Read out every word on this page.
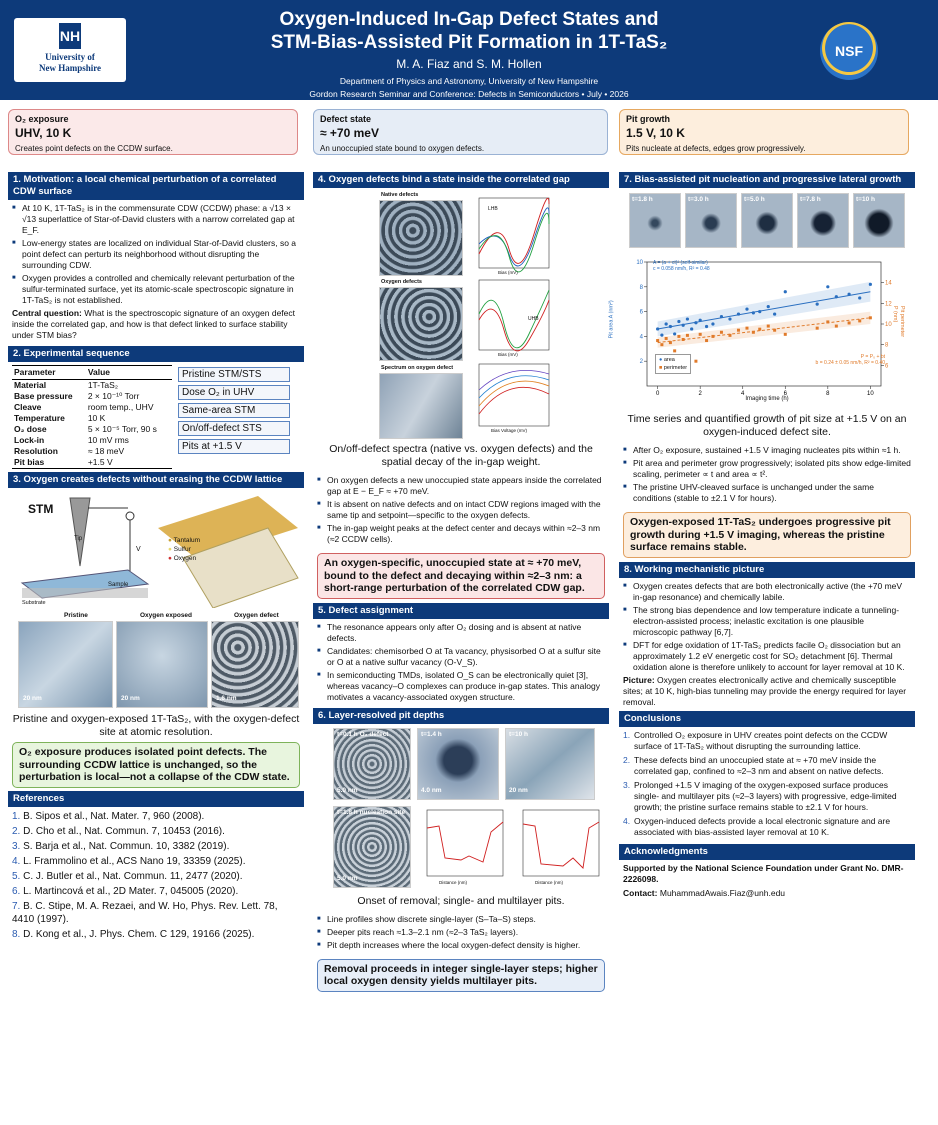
NH
University of
New Hampshire
Oxygen-Induced In-Gap Defect States and
STM-Bias-Assisted Pit Formation in 1T-TaS₂
M. A. Fiaz and S. M. Hollen
Department of Physics and Astronomy, University of New Hampshire
Gordon Research Seminar and Conference: Defects in Semiconductors • July • 2026
NSF
O₂ exposure
UHV, 10 K
Creates point defects on the CCDW surface.
Defect state
≈ +70 meV
An unoccupied state bound to oxygen defects.
Pit growth
1.5 V, 10 K
Pits nucleate at defects, edges grow progressively.
1. Motivation: a local chemical perturbation of a correlated CDW surface
■ At 10 K, 1T-TaS₂ is in the commensurate CDW (CCDW) phase: a √13 × √13 superlattice of Star-of-David clusters with a narrow correlated gap at E_F.
■ Low-energy states are localized on individual Star-of-David clusters, so a point defect can perturb its neighborhood without disrupting the surrounding CDW.
■ Oxygen provides a controlled and chemically relevant perturbation of the sulfur-terminated surface, yet its atomic-scale spectroscopic signature in 1T-TaS₂ is not established.
Central question: What is the spectroscopic signature of an oxygen defect inside the correlated gap, and how is that defect linked to surface stability under STM bias?
2. Experimental sequence
Parameter	Value
Material	1T-TaS₂
Base pressure	2 × 10⁻¹⁰ Torr
Cleave	room temp., UHV
Temperature	10 K
O₂ dose	5 × 10⁻⁵ Torr, 90 s
Lock-in	10 mV rms
Resolution	≈ 18 meV
Pit bias	+1.5 V
Pristine STM/STS
Dose O₂ in UHV
Same-area STM
On/off-defect STS
Pits at +1.5 V
3. Oxygen creates defects without erasing the CCDW lattice
STM
Tip
V
Sample
Substrate
● Tantalum
● Sulfur
● Oxygen
Pristine	Oxygen exposed	Oxygen defect
20 nm	20 nm	1.6 nm
Pristine and oxygen-exposed 1T-TaS₂, with the oxygen-defect site at atomic resolution.
O₂ exposure produces isolated point defects. The surrounding CCDW lattice is unchanged, so the perturbation is local—not a collapse of the CDW state.
References
1. B. Sipos et al., Nat. Mater. 7, 960 (2008).
2. D. Cho et al., Nat. Commun. 7, 10453 (2016).
3. S. Barja et al., Nat. Commun. 10, 3382 (2019).
4. L. Frammolino et al., ACS Nano 19, 33359 (2025).
5. C. J. Butler et al., Nat. Commun. 11, 2477 (2020).
6. L. Martincová et al., 2D Mater. 7, 045005 (2020).
7. B. C. Stipe, M. A. Rezaei, and W. Ho, Phys. Rev. Lett. 78, 4410 (1997).
8. D. Kong et al., J. Phys. Chem. C 129, 19166 (2025).
4. Oxygen defects bind a state inside the correlated gap
Native defects
Oxygen defects
Spectrum on oxygen defect
LHB
UHB
Bias (mV)
Bias (mV)
Bias Voltage (mV)
On/off-defect spectra (native vs. oxygen defects) and the spatial decay of the in-gap weight.
■ On oxygen defects a new unoccupied state appears inside the correlated gap at E − E_F ≈ +70 meV.
■ It is absent on native defects and on intact CDW regions imaged with the same tip and setpoint—specific to the oxygen defects.
■ The in-gap weight peaks at the defect center and decays within ≈2–3 nm (≈2 CCDW cells).
An oxygen-specific, unoccupied state at ≈ +70 meV, bound to the defect and decaying within ≈2–3 nm: a short-range perturbation of the correlated CDW gap.
5. Defect assignment
■ The resonance appears only after O₂ dosing and is absent at native defects.
■ Candidates: chemisorbed O at Ta vacancy, physisorbed O at a sulfur site or O at a native sulfur vacancy (O-V_S).
■ In semiconducting TMDs, isolated O_S can be electronically quiet [3], whereas vacancy–O complexes can produce in-gap states. This analogy motivates a vacancy-associated oxygen structure.
6. Layer-resolved pit depths
t=0.1 h O₂ defect
5.0 nm
t=1.4 h
4.0 nm
t=10 h
20 nm
t=1.8 h nucleation site
5.0 nm	Distance (nm)	Distance (nm)
Onset of removal; single- and multilayer pits.
■ Line profiles show discrete single-layer (S–Ta–S) steps.
■ Deeper pits reach ≈1.3–2.1 nm (≈2–3 TaS₂ layers).
■ Pit depth increases where the local oxygen-defect density is higher.
Removal proceeds in integer single-layer steps; higher local oxygen density yields multilayer pits.
7. Bias-assisted pit nucleation and progressive lateral growth
t=1.8 h	t=3.0 h	t=5.0 h	t=7.8 h	t=10 h
0	2	4	6	8	10
2
4
6
8
10
6
8
10
12
14
A = (a + ct)² (self-similar)
c = 0.058 nm/h, R² = 0.48
P = P₀ + bt
b = 0.24 ± 0.05 nm/h, R² = 0.40
● area
■ perimeter
Imaging time (h)
Pit area A (nm²)	Pit perimeter P (nm)
Time series and quantified growth of pit size at +1.5 V on an oxygen-induced defect site.
■ After O₂ exposure, sustained +1.5 V imaging nucleates pits within ≈1 h.
■ Pit area and perimeter grow progressively; isolated pits show edge-limited scaling, perimeter ∝ t and area ∝ t².
■ The pristine UHV-cleaved surface is unchanged under the same conditions (stable to ±2.1 V for hours).
Oxygen-exposed 1T-TaS₂ undergoes progressive pit growth during +1.5 V imaging, whereas the pristine surface remains stable.
8. Working mechanistic picture
■ Oxygen creates defects that are both electronically active (the +70 meV in-gap resonance) and chemically labile.
■ The strong bias dependence and low temperature indicate a tunneling-electron-assisted process; inelastic excitation is one plausible microscopic pathway [6,7].
■ DFT for edge oxidation of 1T-TaS₂ predicts facile O₂ dissociation but an approximately 1.2 eV energetic cost for SO₂ detachment [6]. Thermal oxidation alone is therefore unlikely to account for layer removal at 10 K.
Picture: Oxygen creates electronically active and chemically susceptible sites; at 10 K, high-bias tunneling may provide the energy required for layer removal.
Conclusions
1. Controlled O₂ exposure in UHV creates point defects on the CCDW surface of 1T-TaS₂ without disrupting the surrounding lattice.
2. These defects bind an unoccupied state at ≈ +70 meV inside the correlated gap, confined to ≈2–3 nm and absent on native defects.
3. Prolonged +1.5 V imaging of the oxygen-exposed surface produces single- and multilayer pits (≈2–3 layers) with progressive, edge-limited growth; the pristine surface remains stable to ±2.1 V for hours.
4. Oxygen-induced defects provide a local electronic signature and are associated with bias-assisted layer removal at 10 K.
Acknowledgments
Supported by the National Science Foundation under Grant No. DMR-2226098.
Contact: MuhammadAwais.Fiaz@unh.edu
